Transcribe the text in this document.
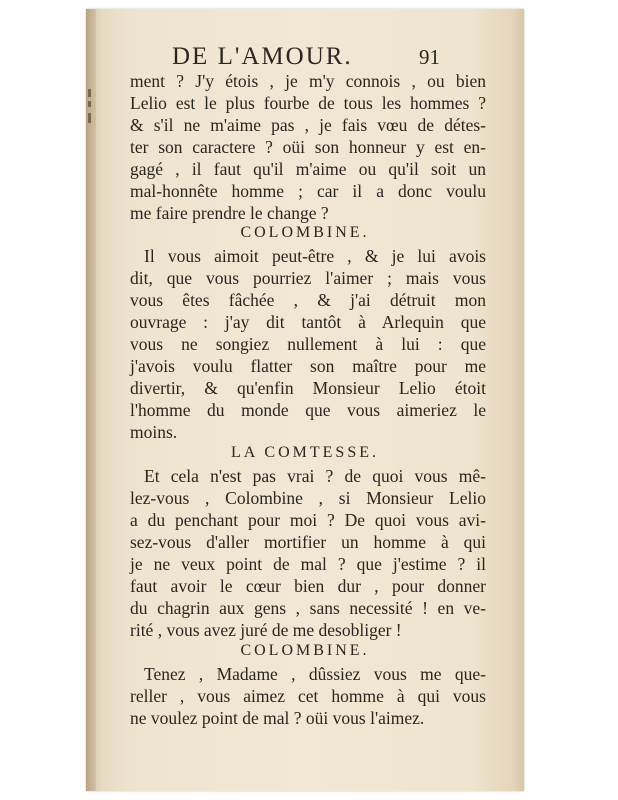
DE L'AMOUR.	91
ment ? J'y étois , je m'y connois , ou bien
Lelio est le plus fourbe de tous les hommes ?
& s'il ne m'aime pas , je fais vœu de détes-
ter son caractere ? oüi son honneur y est en-
gagé , il faut qu'il m'aime ou qu'il soit un
mal-honnête homme ; car il a donc voulu
me faire prendre le change ?
COLOMBINE.
Il vous aimoit peut-être , & je lui avois
dit, que vous pourriez l'aimer ; mais vous
vous êtes fâchée , & j'ai détruit mon
ouvrage : j'ay dit tantôt à Arlequin que
vous ne songiez nullement à lui : que
j'avois voulu flatter son maître pour me
divertir, & qu'enfin Monsieur Lelio étoit
l'homme du monde que vous aimeriez le
moins.
LA COMTESSE.
Et cela n'est pas vrai ? de quoi vous mê-
lez-vous , Colombine , si Monsieur Lelio
a du penchant pour moi ? De quoi vous avi-
sez-vous d'aller mortifier un homme à qui
je ne veux point de mal ? que j'estime ? il
faut avoir le cœur bien dur , pour donner
du chagrin aux gens , sans necessité ! en ve-
rité , vous avez juré de me desobliger !
COLOMBINE.
Tenez , Madame , dûssiez vous me que-
reller , vous aimez cet homme à qui vous
ne voulez point de mal ? oüi vous l'aimez.
